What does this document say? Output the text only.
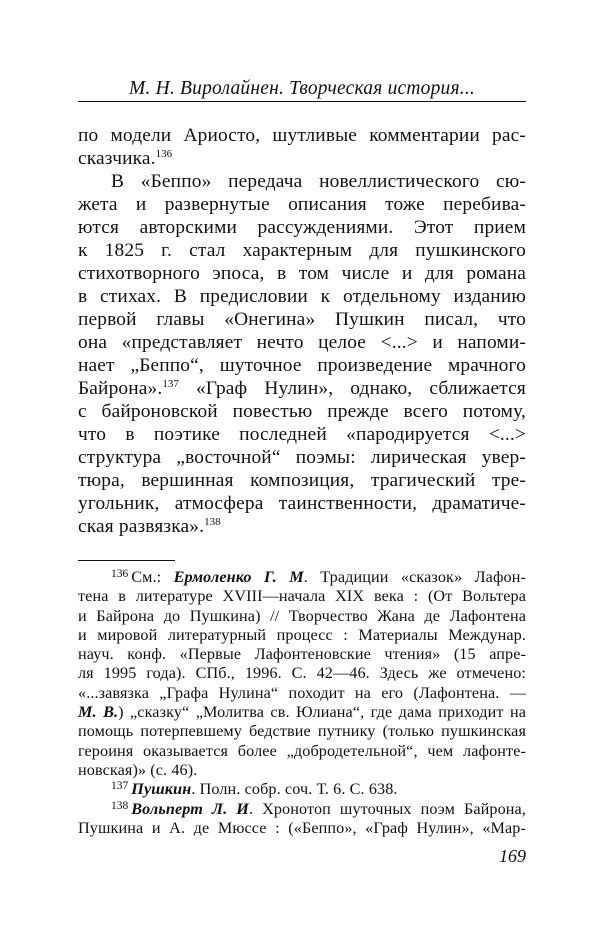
М. Н. Виролайнен. Творческая история...
по модели Ариосто, шутливые комментарии рас-
сказчика.$^{136}$
В «Беппо» передача новеллистического сю-
жета и развернутые описания тоже перебива-
ются авторскими рассуждениями. Этот прием
к 1825 г. стал характерным для пушкинского
стихотворного эпоса, в том числе и для романа
в стихах. В предисловии к отдельному изданию
первой главы «Онегина» Пушкин писал, что
она «представляет нечто целое <...> и напоми-
нает „Беппо“, шуточное произведение мрачного
Байрона».$^{137}$ «Граф Нулин», однако, сближается
с байроновской повестью прежде всего потому,
что в поэтике последней «пародируется <...>
структура „восточной“ поэмы: лирическая увер-
тюра, вершинная композиция, трагический тре-
угольник, атмосфера таинственности, драматиче-
ская развязка».$^{138}$
$^{136}$ См.: Ермоленко Г. М. Традиции «сказок» Лафон-
тена в литературе XVIII—начала XIX века : (От Вольтера
и Байрона до Пушкина) // Творчество Жана де Лафонтена
и мировой литературный процесс : Материалы Междунар.
науч. конф. «Первые Лафонтеновские чтения» (15 апре-
ля 1995 года). СПб., 1996. С. 42—46. Здесь же отмечено:
«...завязка „Графа Нулина“ походит на его (Лафонтена. —
М. В.) „сказку“ „Молитва св. Юлиана“, где дама приходит на
помощь потерпевшему бедствие путнику (только пушкинская
героиня оказывается более „добродетельной“, чем лафонте-
новская)» (с. 46).
$^{137}$ Пушкин. Полн. собр. соч. Т. 6. С. 638.
$^{138}$ Вольперт Л. И. Хронотоп шуточных поэм Байрона,
Пушкина и А. де Мюссе : («Беппо», «Граф Нулин», «Мар-
169
